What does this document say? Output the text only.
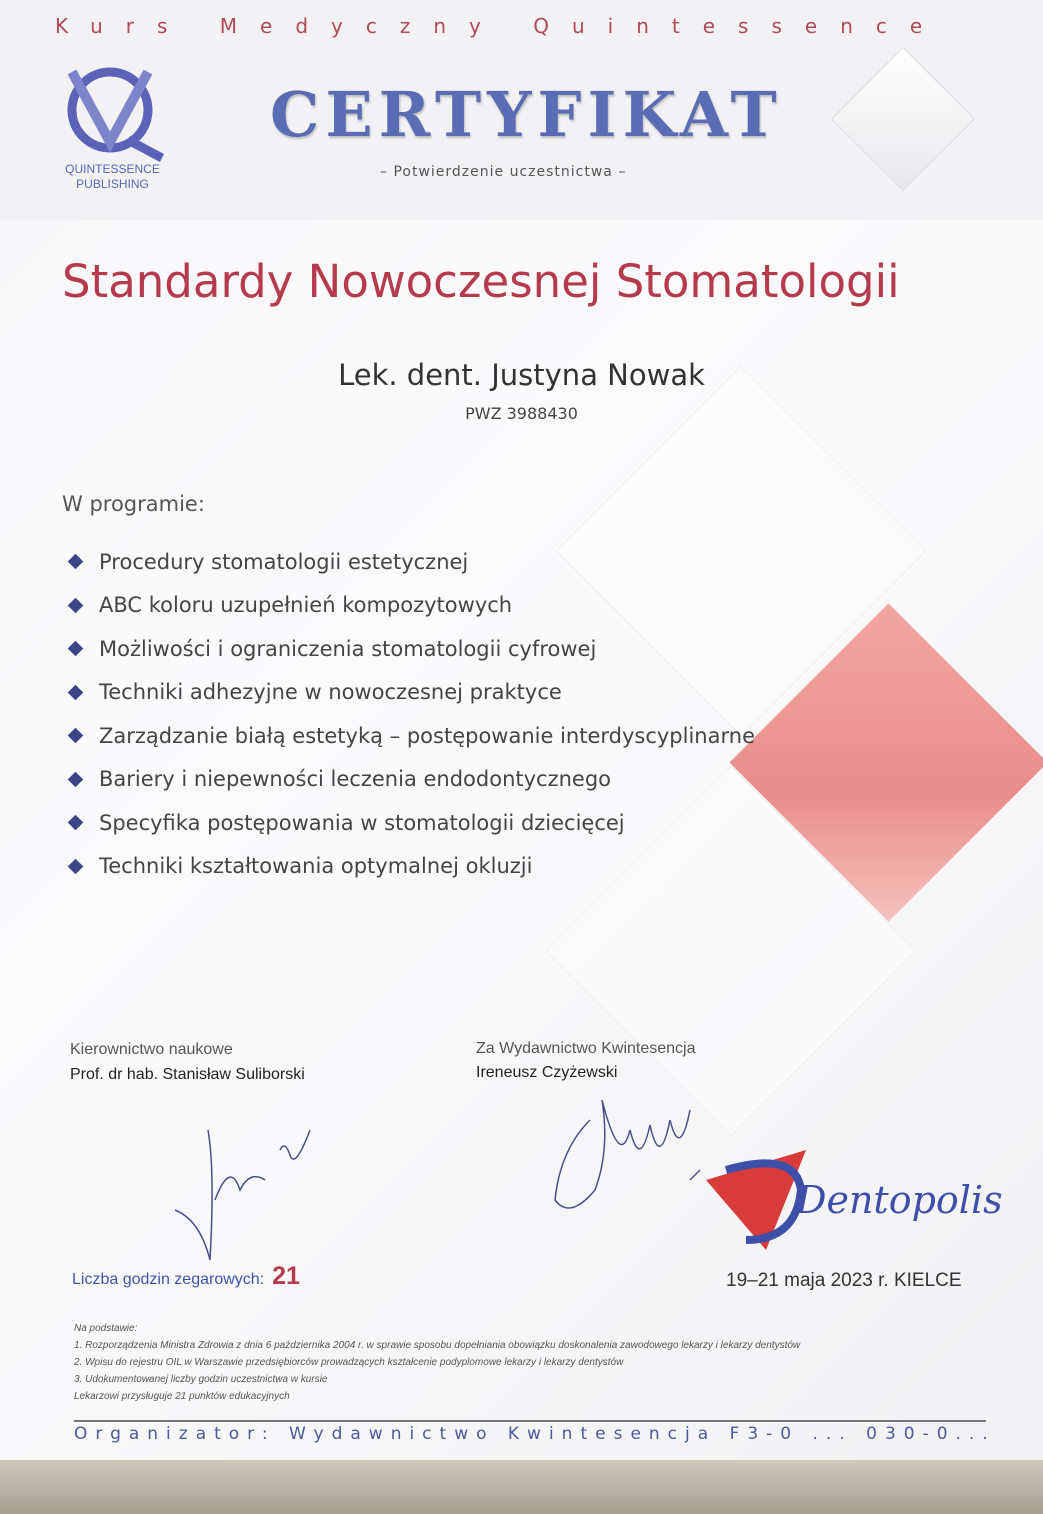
Kurs Medyczny Quintessence
QUINTESSENCE
PUBLISHING
CERTYFIKAT
– Potwierdzenie uczestnictwa –
Standardy Nowoczesnej Stomatologii
Lek. dent. Justyna Nowak
PWZ 3988430
W programie:
Procedury stomatologii estetycznej
ABC koloru uzupełnień kompozytowych
Możliwości i ograniczenia stomatologii cyfrowej
Techniki adhezyjne w nowoczesnej praktyce
Zarządzanie białą estetyką – postępowanie interdyscyplinarne
Bariery i niepewności leczenia endodontycznego
Specyfika postępowania w stomatologii dziecięcej
Techniki kształtowania optymalnej okluzji
Kierownictwo naukowe
Prof. dr hab. Stanisław Suliborski
Za Wydawnictwo Kwintesencja
Ireneusz Czyżewski
Dentopolis
Liczba godzin zegarowych: 21	19–21 maja 2023 r. KIELCE
Na podstawie:
1. Rozporządzenia Ministra Zdrowia z dnia 6 października 2004 r. w sprawie sposobu dopełniania obowiązku doskonalenia zawodowego lekarzy i lekarzy dentystów
2. Wpisu do rejestru OIL w Warszawie przedsiębiorców prowadzących kształcenie podyplomowe lekarzy i lekarzy dentystów
3. Udokumentowanej liczby godzin uczestnictwa w kursie
Lekarzowi przysługuje 21 punktów edukacyjnych
Organizator: Wydawnictwo Kwintesencja F3-0 ... 030-0...
